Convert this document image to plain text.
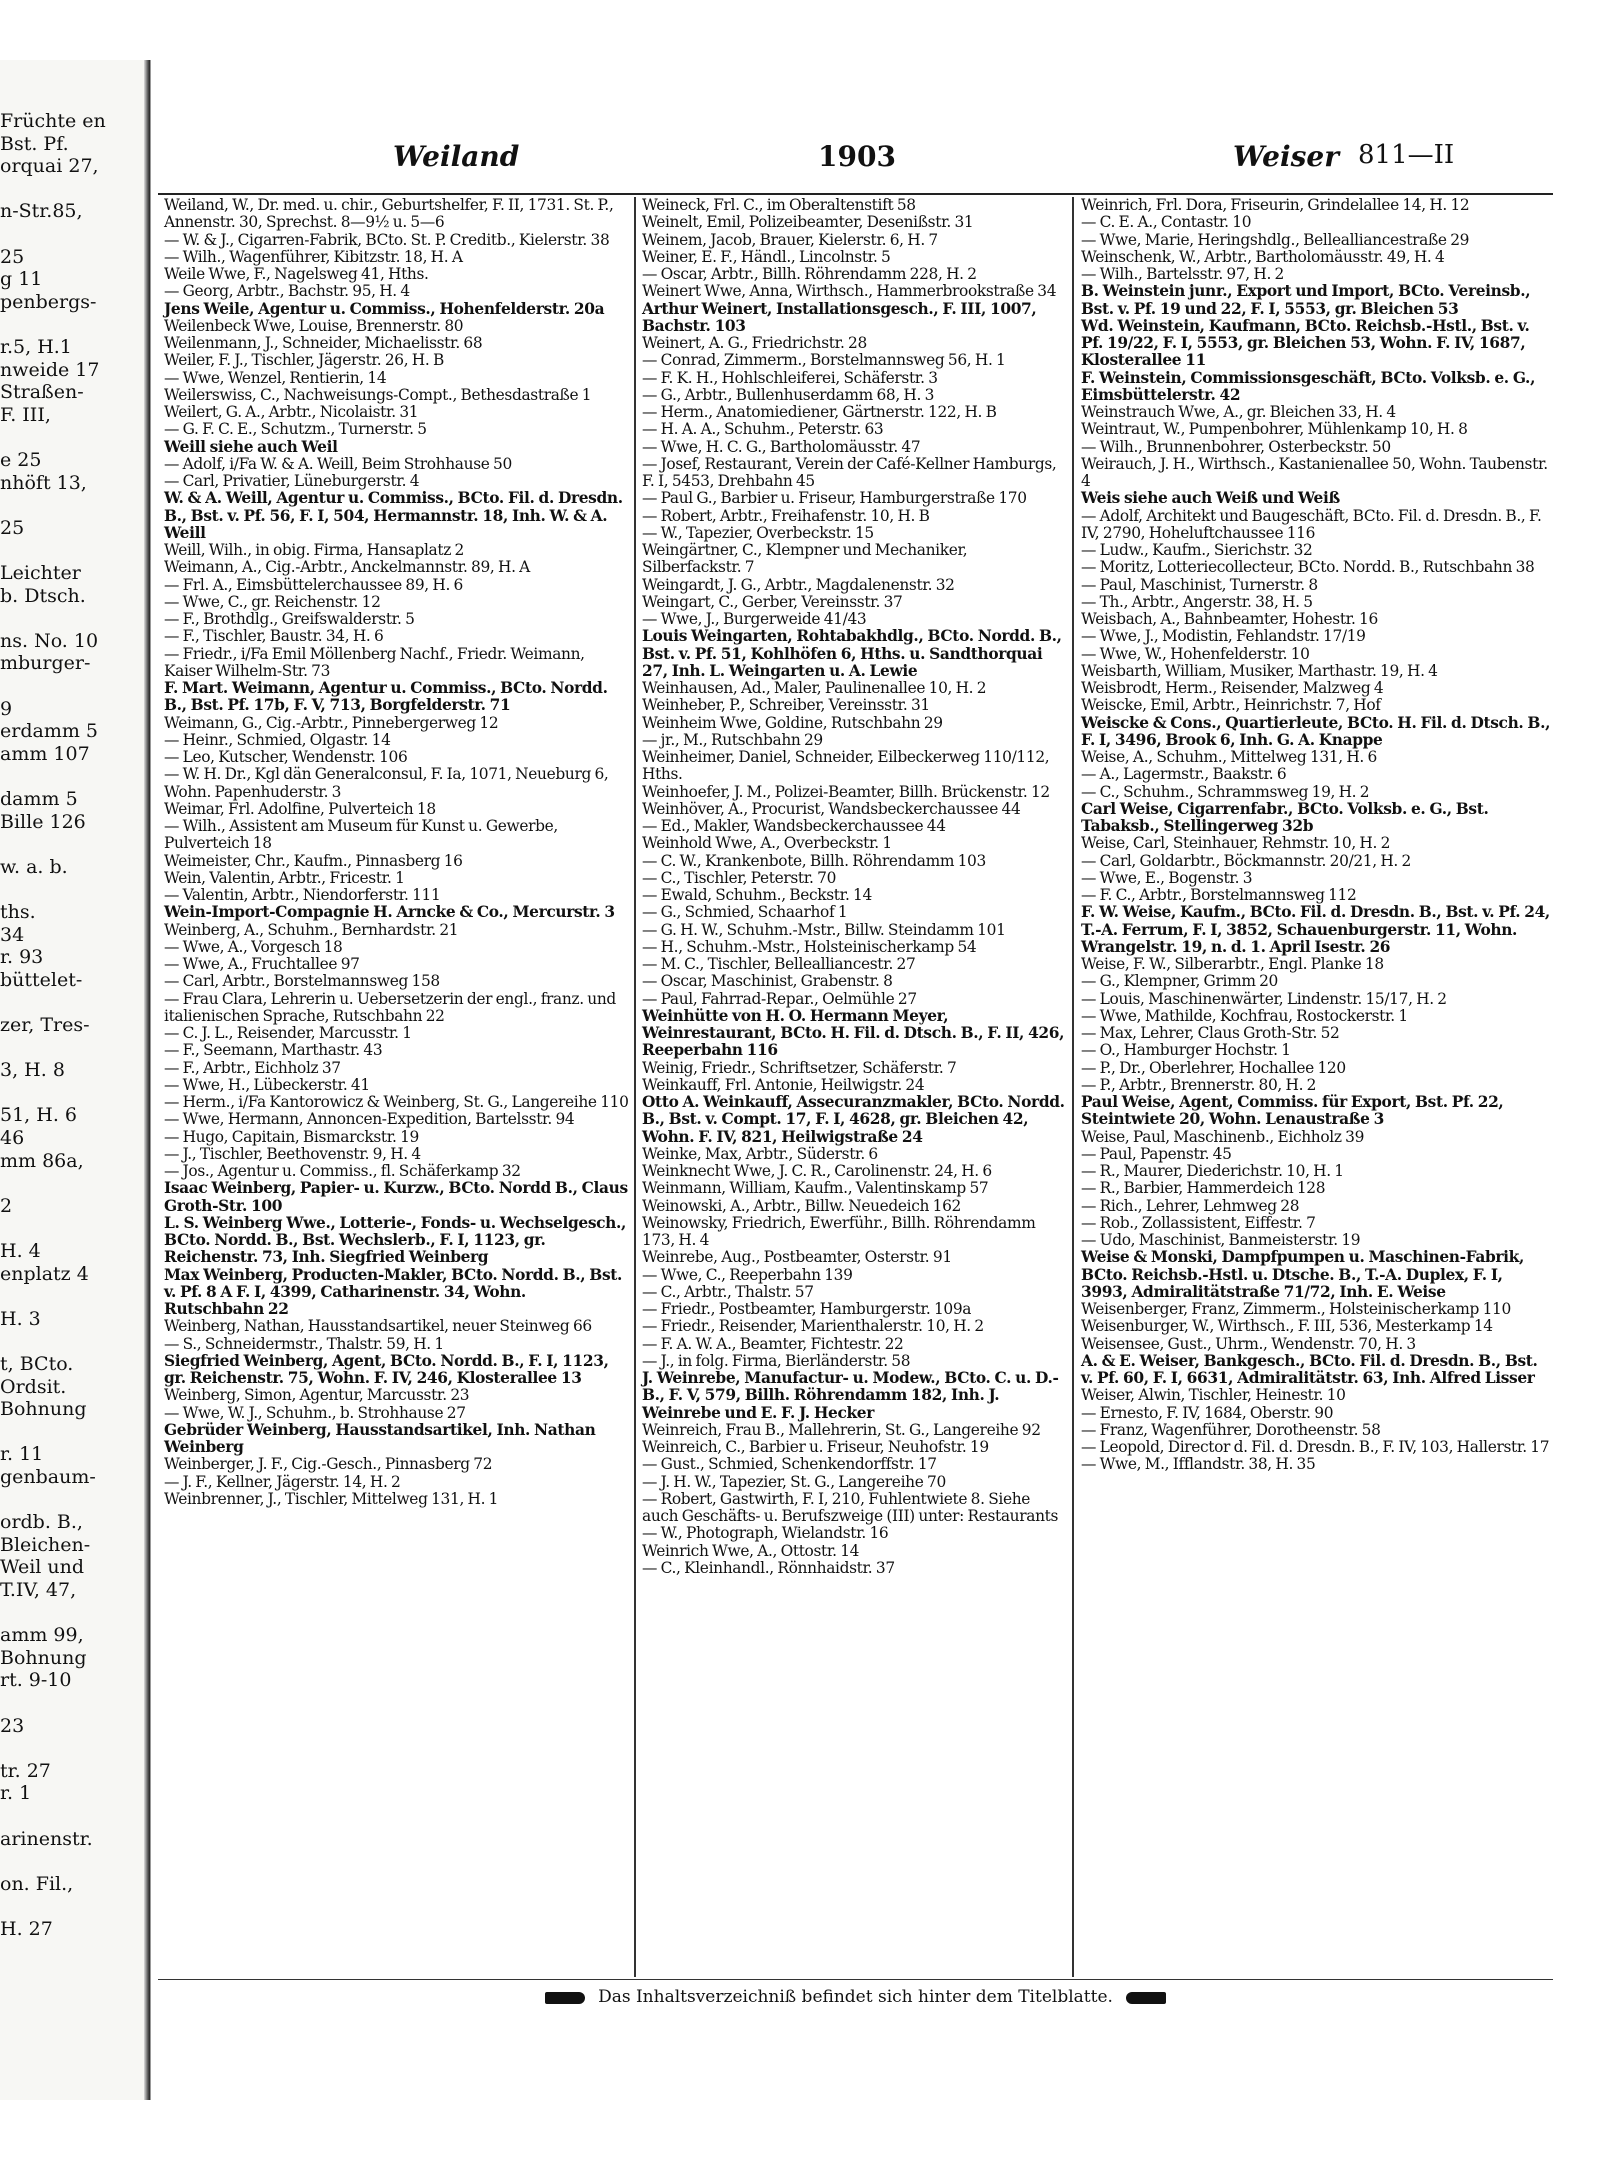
Früchte en
Bst. Pf.
orquai 27,
n-Str.85,
25
g 11
penbergs-
r.5, H.1
nweide 17
Straßen-
F. III,
e 25
nhöft 13,
25
Leichter
b. Dtsch.
ns. No. 10
mburger-
9
erdamm 5
amm 107
damm 5
Bille 126
w. a. b.
ths.
34
r. 93
büttelet-
zer, Tres-
3, H. 8
51, H. 6
46
mm 86a,
2
H. 4
enplatz 4
H. 3
t, BCto.
Ordsit.
Bohnung
r. 11
genbaum-
ordb. B.,
Bleichen-
Weil und
T.IV, 47,
amm 99,
Bohnung
rt. 9-10
23
tr. 27
r. 1
arinenstr.
on. Fil.,
H. 27
Weiland	1903	Weiser 811—II
Weiland, W., Dr. med. u. chir., Geburtshelfer, F. II, 1731. St. P., Annenstr. 30, Sprechst. 8—9½ u. 5—6
— W. & J., Cigarren-Fabrik, BCto. St. P. Creditb., Kielerstr. 38
— Wilh., Wagenführer, Kibitzstr. 18, H. A
Weile Wwe, F., Nagelsweg 41, Hths.
— Georg, Arbtr., Bachstr. 95, H. 4
Jens Weile, Agentur u. Commiss., Hohenfelderstr. 20a
Weilenbeck Wwe, Louise, Brennerstr. 80
Weilenmann, J., Schneider, Michaelisstr. 68
Weiler, F. J., Tischler, Jägerstr. 26, H. B
— Wwe, Wenzel, Rentierin, 14
Weilerswiss, C., Nachweisungs-Compt., Bethesdastraße 1
Weilert, G. A., Arbtr., Nicolaistr. 31
— G. F. C. E., Schutzm., Turnerstr. 5
Weill siehe auch Weil
— Adolf, i/Fa W. & A. Weill, Beim Strohhause 50
— Carl, Privatier, Lüneburgerstr. 4
W. & A. Weill, Agentur u. Commiss., BCto. Fil. d. Dresdn. B., Bst. v. Pf. 56, F. I, 504, Hermannstr. 18, Inh. W. & A. Weill
Weill, Wilh., in obig. Firma, Hansaplatz 2
Weimann, A., Cig.-Arbtr., Anckelmannstr. 89, H. A
— Frl. A., Eimsbüttelerchaussee 89, H. 6
— Wwe, C., gr. Reichenstr. 12
— F., Brothdlg., Greifswalderstr. 5
— F., Tischler, Baustr. 34, H. 6
— Friedr., i/Fa Emil Möllenberg Nachf., Friedr. Weimann, Kaiser Wilhelm-Str. 73
F. Mart. Weimann, Agentur u. Commiss., BCto. Nordd. B., Bst. Pf. 17b, F. V, 713, Borgfelderstr. 71
Weimann, G., Cig.-Arbtr., Pinnebergerweg 12
— Heinr., Schmied, Olgastr. 14
— Leo, Kutscher, Wendenstr. 106
— W. H. Dr., Kgl dän Generalconsul, F. Ia, 1071, Neueburg 6, Wohn. Papenhuderstr. 3
Weimar, Frl. Adolfine, Pulverteich 18
— Wilh., Assistent am Museum für Kunst u. Gewerbe, Pulverteich 18
Weimeister, Chr., Kaufm., Pinnasberg 16
Wein, Valentin, Arbtr., Fricestr. 1
— Valentin, Arbtr., Niendorferstr. 111
Wein-Import-Compagnie H. Arncke & Co., Mercurstr. 3
Weinberg, A., Schuhm., Bernhardstr. 21
— Wwe, A., Vorgesch 18
— Wwe, A., Fruchtallee 97
— Carl, Arbtr., Borstelmannsweg 158
— Frau Clara, Lehrerin u. Uebersetzerin der engl., franz. und italienischen Sprache, Rutschbahn 22
— C. J. L., Reisender, Marcusstr. 1
— F., Seemann, Marthastr. 43
— F., Arbtr., Eichholz 37
— Wwe, H., Lübeckerstr. 41
— Herm., i/Fa Kantorowicz & Weinberg, St. G., Langereihe 110
— Wwe, Hermann, Annoncen-Expedition, Bartelsstr. 94
— Hugo, Capitain, Bismarckstr. 19
— J., Tischler, Beethovenstr. 9, H. 4
— Jos., Agentur u. Commiss., fl. Schäferkamp 32
Isaac Weinberg, Papier- u. Kurzw., BCto. Nordd B., Claus Groth-Str. 100
L. S. Weinberg Wwe., Lotterie-, Fonds- u. Wechselgesch., BCto. Nordd. B., Bst. Wechslerb., F. I, 1123, gr. Reichenstr. 73, Inh. Siegfried Weinberg
Max Weinberg, Producten-Makler, BCto. Nordd. B., Bst. v. Pf. 8 A F. I, 4399, Catharinenstr. 34, Wohn. Rutschbahn 22
Weinberg, Nathan, Hausstandsartikel, neuer Steinweg 66
— S., Schneidermstr., Thalstr. 59, H. 1
Siegfried Weinberg, Agent, BCto. Nordd. B., F. I, 1123, gr. Reichenstr. 75, Wohn. F. IV, 246, Klosterallee 13
Weinberg, Simon, Agentur, Marcusstr. 23
— Wwe, W. J., Schuhm., b. Strohhause 27
Gebrüder Weinberg, Hausstandsartikel, Inh. Nathan Weinberg
Weinberger, J. F., Cig.-Gesch., Pinnasberg 72
— J. F., Kellner, Jägerstr. 14, H. 2
Weinbrenner, J., Tischler, Mittelweg 131, H. 1
Weineck, Frl. C., im Oberaltenstift 58
Weinelt, Emil, Polizeibeamter, Desenißstr. 31
Weinem, Jacob, Brauer, Kielerstr. 6, H. 7
Weiner, E. F., Händl., Lincolnstr. 5
— Oscar, Arbtr., Billh. Röhrendamm 228, H. 2
Weinert Wwe, Anna, Wirthsch., Hammerbrookstraße 34
Arthur Weinert, Installationsgesch., F. III, 1007, Bachstr. 103
Weinert, A. G., Friedrichstr. 28
— Conrad, Zimmerm., Borstelmannsweg 56, H. 1
— F. K. H., Hohlschleiferei, Schäferstr. 3
— G., Arbtr., Bullenhuserdamm 68, H. 3
— Herm., Anatomiediener, Gärtnerstr. 122, H. B
— H. A. A., Schuhm., Peterstr. 63
— Wwe, H. C. G., Bartholomäusstr. 47
— Josef, Restaurant, Verein der Café-Kellner Hamburgs, F. I, 5453, Drehbahn 45
— Paul G., Barbier u. Friseur, Hamburgerstraße 170
— Robert, Arbtr., Freihafenstr. 10, H. B
— W., Tapezier, Overbeckstr. 15
Weingärtner, C., Klempner und Mechaniker, Silberfackstr. 7
Weingardt, J. G., Arbtr., Magdalenenstr. 32
Weingart, C., Gerber, Vereinsstr. 37
— Wwe, J., Burgerweide 41/43
Louis Weingarten, Rohtabakhdlg., BCto. Nordd. B., Bst. v. Pf. 51, Kohlhöfen 6, Hths. u. Sandthorquai 27, Inh. L. Weingarten u. A. Lewie
Weinhausen, Ad., Maler, Paulinenallee 10, H. 2
Weinheber, P., Schreiber, Vereinsstr. 31
Weinheim Wwe, Goldine, Rutschbahn 29
— jr., M., Rutschbahn 29
Weinheimer, Daniel, Schneider, Eilbeckerweg 110/112, Hths.
Weinhoefer, J. M., Polizei-Beamter, Billh. Brückenstr. 12
Weinhöver, A., Procurist, Wandsbeckerchaussee 44
— Ed., Makler, Wandsbeckerchaussee 44
Weinhold Wwe, A., Overbeckstr. 1
— C. W., Krankenbote, Billh. Röhrendamm 103
— C., Tischler, Peterstr. 70
— Ewald, Schuhm., Beckstr. 14
— G., Schmied, Schaarhof 1
— G. H. W., Schuhm.-Mstr., Billw. Steindamm 101
— H., Schuhm.-Mstr., Holsteinischerkamp 54
— M. C., Tischler, Bellealliancestr. 27
— Oscar, Maschinist, Grabenstr. 8
— Paul, Fahrrad-Repar., Oelmühle 27
Weinhütte von H. O. Hermann Meyer, Weinrestaurant, BCto. H. Fil. d. Dtsch. B., F. II, 426, Reeperbahn 116
Weinig, Friedr., Schriftsetzer, Schäferstr. 7
Weinkauff, Frl. Antonie, Heilwigstr. 24
Otto A. Weinkauff, Assecuranzmakler, BCto. Nordd. B., Bst. v. Compt. 17, F. I, 4628, gr. Bleichen 42, Wohn. F. IV, 821, Heilwigstraße 24
Weinke, Max, Arbtr., Süderstr. 6
Weinknecht Wwe, J. C. R., Carolinenstr. 24, H. 6
Weinmann, William, Kaufm., Valentinskamp 57
Weinowski, A., Arbtr., Billw. Neuedeich 162
Weinowsky, Friedrich, Ewerführ., Billh. Röhrendamm 173, H. 4
Weinrebe, Aug., Postbeamter, Osterstr. 91
— Wwe, C., Reeperbahn 139
— C., Arbtr., Thalstr. 57
— Friedr., Postbeamter, Hamburgerstr. 109a
— Friedr., Reisender, Marienthalerstr. 10, H. 2
— F. A. W. A., Beamter, Fichtestr. 22
— J., in folg. Firma, Bierländerstr. 58
J. Weinrebe, Manufactur- u. Modew., BCto. C. u. D.-B., F. V, 579, Billh. Röhrendamm 182, Inh. J. Weinrebe und E. F. J. Hecker
Weinreich, Frau B., Mallehrerin, St. G., Langereihe 92
Weinreich, C., Barbier u. Friseur, Neuhofstr. 19
— Gust., Schmied, Schenkendorffstr. 17
— J. H. W., Tapezier, St. G., Langereihe 70
— Robert, Gastwirth, F. I, 210, Fuhlentwiete 8. Siehe auch Geschäfts- u. Berufszweige (III) unter: Restaurants
— W., Photograph, Wielandstr. 16
Weinrich Wwe, A., Ottostr. 14
— C., Kleinhandl., Rönnhaidstr. 37
Weinrich, Frl. Dora, Friseurin, Grindelallee 14, H. 12
— C. E. A., Contastr. 10
— Wwe, Marie, Heringshdlg., Bellealliancestraße 29
Weinschenk, W., Arbtr., Bartholomäusstr. 49, H. 4
— Wilh., Bartelsstr. 97, H. 2
B. Weinstein junr., Export und Import, BCto. Vereinsb., Bst. v. Pf. 19 und 22, F. I, 5553, gr. Bleichen 53
Wd. Weinstein, Kaufmann, BCto. Reichsb.-Hstl., Bst. v. Pf. 19/22, F. I, 5553, gr. Bleichen 53, Wohn. F. IV, 1687, Klosterallee 11
F. Weinstein, Commissionsgeschäft, BCto. Volksb. e. G., Eimsbüttelerstr. 42
Weinstrauch Wwe, A., gr. Bleichen 33, H. 4
Weintraut, W., Pumpenbohrer, Mühlenkamp 10, H. 8
— Wilh., Brunnenbohrer, Osterbeckstr. 50
Weirauch, J. H., Wirthsch., Kastanienallee 50, Wohn. Taubenstr. 4
Weis siehe auch Weiß und Weiß
— Adolf, Architekt und Baugeschäft, BCto. Fil. d. Dresdn. B., F. IV, 2790, Hoheluftchaussee 116
— Ludw., Kaufm., Sierichstr. 32
— Moritz, Lotteriecollecteur, BCto. Nordd. B., Rutschbahn 38
— Paul, Maschinist, Turnerstr. 8
— Th., Arbtr., Angerstr. 38, H. 5
Weisbach, A., Bahnbeamter, Hohestr. 16
— Wwe, J., Modistin, Fehlandstr. 17/19
— Wwe, W., Hohenfelderstr. 10
Weisbarth, William, Musiker, Marthastr. 19, H. 4
Weisbrodt, Herm., Reisender, Malzweg 4
Weiscke, Emil, Arbtr., Heinrichstr. 7, Hof
Weiscke & Cons., Quartierleute, BCto. H. Fil. d. Dtsch. B., F. I, 3496, Brook 6, Inh. G. A. Knappe
Weise, A., Schuhm., Mittelweg 131, H. 6
— A., Lagermstr., Baakstr. 6
— C., Schuhm., Schrammsweg 19, H. 2
Carl Weise, Cigarrenfabr., BCto. Volksb. e. G., Bst. Tabaksb., Stellingerweg 32b
Weise, Carl, Steinhauer, Rehmstr. 10, H. 2
— Carl, Goldarbtr., Böckmannstr. 20/21, H. 2
— Wwe, E., Bogenstr. 3
— F. C., Arbtr., Borstelmannsweg 112
F. W. Weise, Kaufm., BCto. Fil. d. Dresdn. B., Bst. v. Pf. 24, T.-A. Ferrum, F. I, 3852, Schauenburgerstr. 11, Wohn. Wrangelstr. 19, n. d. 1. April Isestr. 26
Weise, F. W., Silberarbtr., Engl. Planke 18
— G., Klempner, Grimm 20
— Louis, Maschinenwärter, Lindenstr. 15/17, H. 2
— Wwe, Mathilde, Kochfrau, Rostockerstr. 1
— Max, Lehrer, Claus Groth-Str. 52
— O., Hamburger Hochstr. 1
— P., Dr., Oberlehrer, Hochallee 120
— P., Arbtr., Brennerstr. 80, H. 2
Paul Weise, Agent, Commiss. für Export, Bst. Pf. 22, Steintwiete 20, Wohn. Lenaustraße 3
Weise, Paul, Maschinenb., Eichholz 39
— Paul, Papenstr. 45
— R., Maurer, Diederichstr. 10, H. 1
— R., Barbier, Hammerdeich 128
— Rich., Lehrer, Lehmweg 28
— Rob., Zollassistent, Eiffestr. 7
— Udo, Maschinist, Banmeisterstr. 19
Weise & Monski, Dampfpumpen u. Maschinen-Fabrik, BCto. Reichsb.-Hstl. u. Dtsche. B., T.-A. Duplex, F. I, 3993, Admiralitätstraße 71/72, Inh. E. Weise
Weisenberger, Franz, Zimmerm., Holsteinischerkamp 110
Weisenburger, W., Wirthsch., F. III, 536, Mesterkamp 14
Weisensee, Gust., Uhrm., Wendenstr. 70, H. 3
A. & E. Weiser, Bankgesch., BCto. Fil. d. Dresdn. B., Bst. v. Pf. 60, F. I, 6631, Admiralitätstr. 63, Inh. Alfred Lisser
Weiser, Alwin, Tischler, Heinestr. 10
— Ernesto, F. IV, 1684, Oberstr. 90
— Franz, Wagenführer, Dorotheenstr. 58
— Leopold, Director d. Fil. d. Dresdn. B., F. IV, 103, Hallerstr. 17
— Wwe, M., Ifflandstr. 38, H. 35
Das Inhaltsverzeichniß befindet sich hinter dem Titelblatte.
